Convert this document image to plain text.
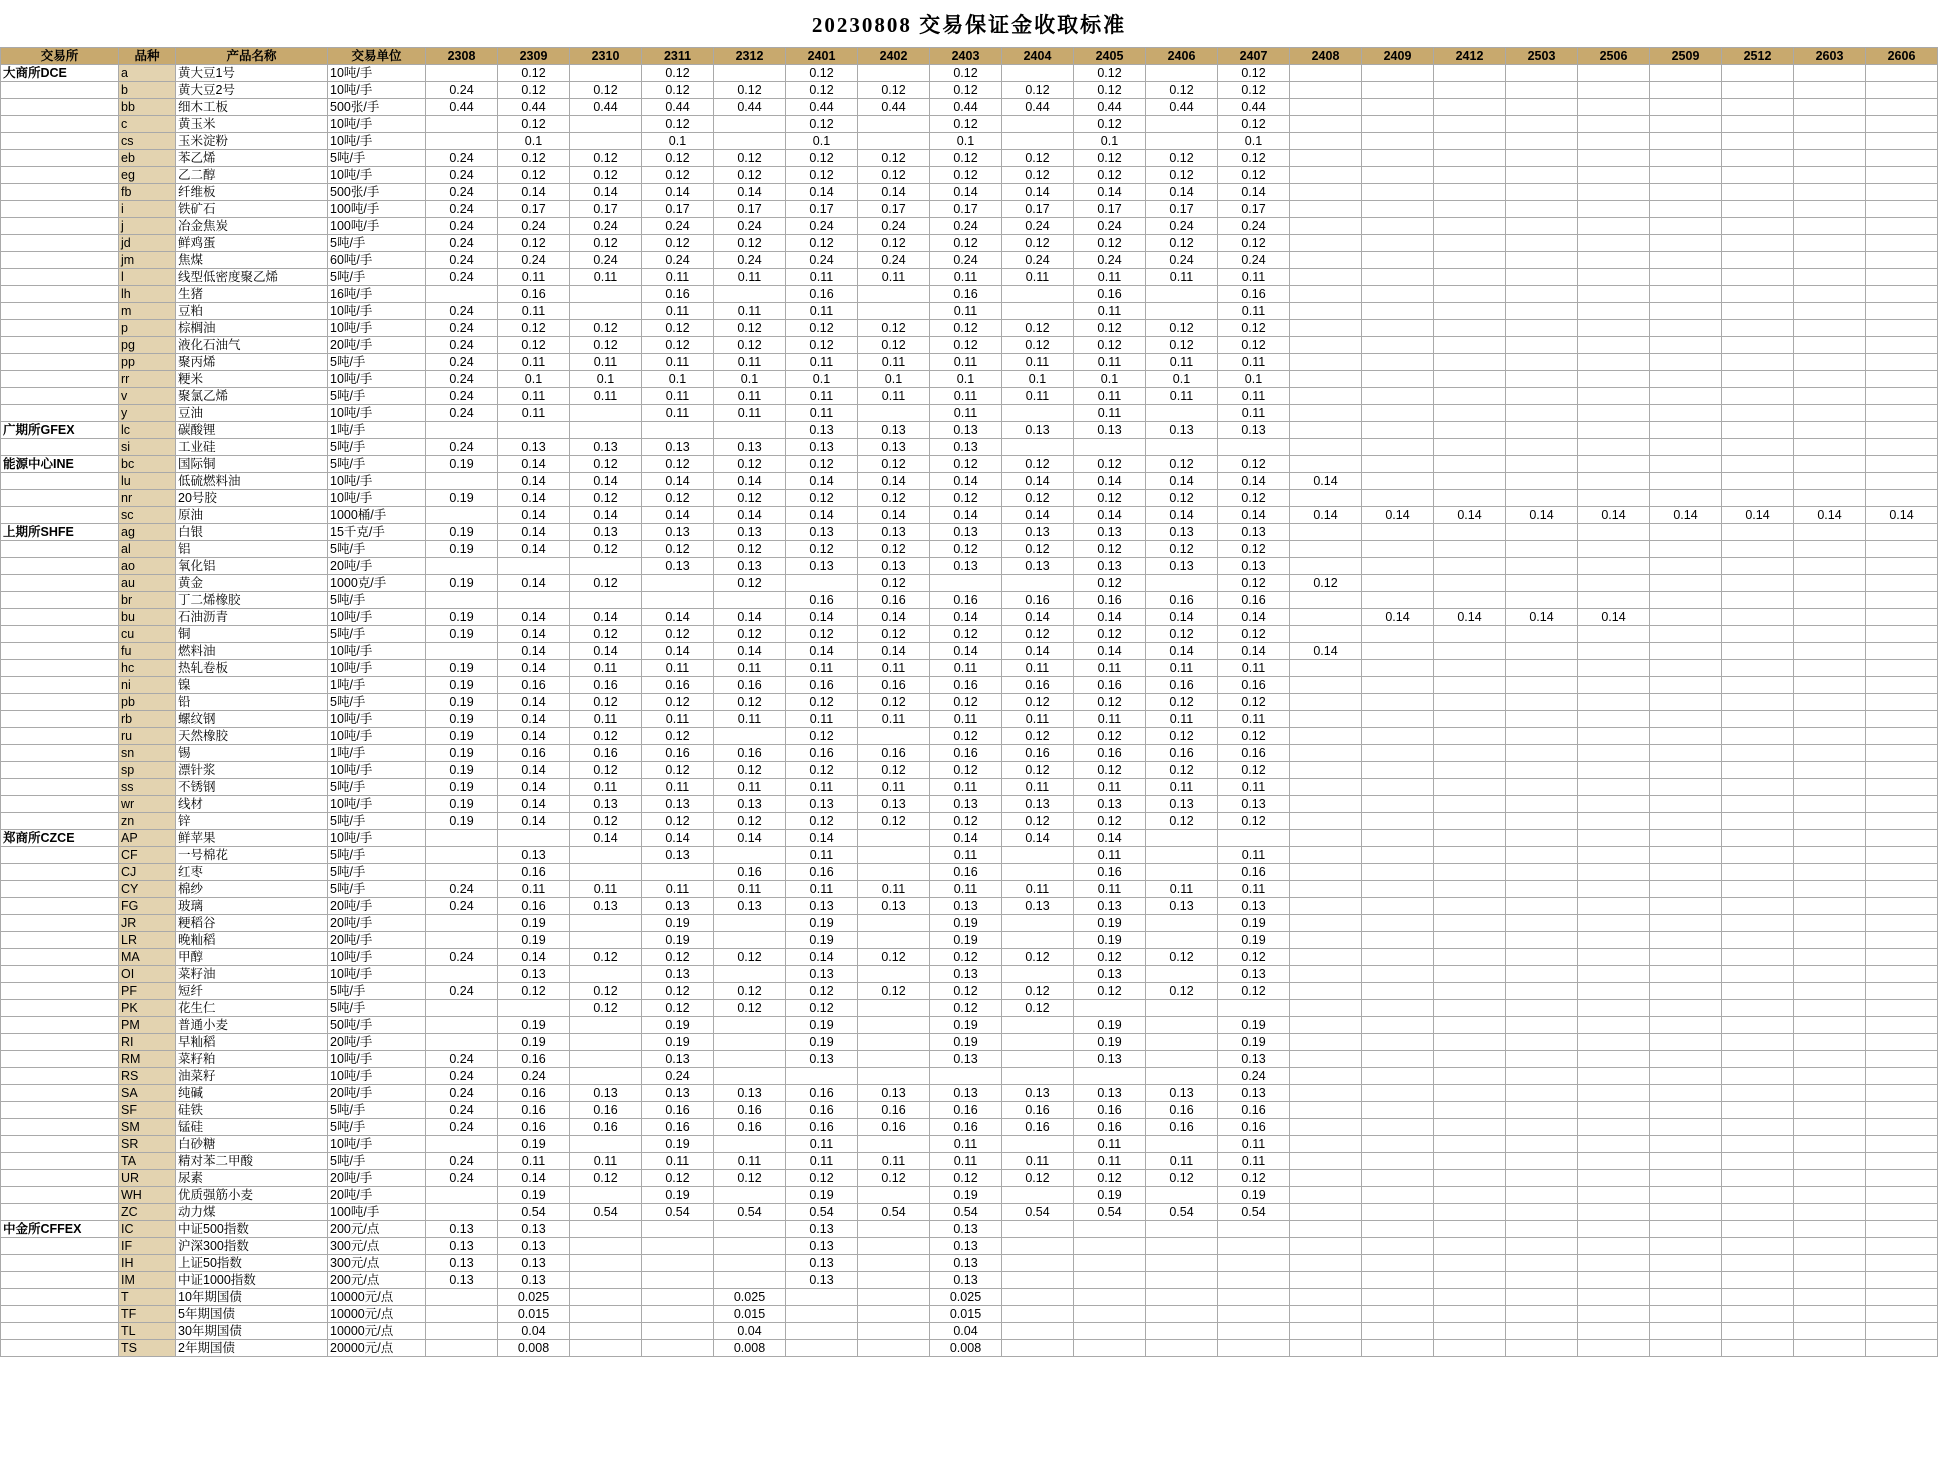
20230808 交易保证金收取标准
交易所	品种	产品名称	交易单位	2308	2309	2310	2311	2312	2401	2402	2403	2404	2405	2406	2407	2408	2409	2412	2503	2506	2509	2512	2603	2606
大商所DCE	a	黄大豆1号	10吨/手		0.12		0.12		0.12		0.12		0.12		0.12									
	b	黄大豆2号	10吨/手	0.24	0.12	0.12	0.12	0.12	0.12	0.12	0.12	0.12	0.12	0.12	0.12									
	bb	细木工板	500张/手	0.44	0.44	0.44	0.44	0.44	0.44	0.44	0.44	0.44	0.44	0.44	0.44									
	c	黄玉米	10吨/手		0.12		0.12		0.12		0.12		0.12		0.12									
	cs	玉米淀粉	10吨/手		0.1		0.1		0.1		0.1		0.1		0.1									
	eb	苯乙烯	5吨/手	0.24	0.12	0.12	0.12	0.12	0.12	0.12	0.12	0.12	0.12	0.12	0.12									
	eg	乙二醇	10吨/手	0.24	0.12	0.12	0.12	0.12	0.12	0.12	0.12	0.12	0.12	0.12	0.12									
	fb	纤维板	500张/手	0.24	0.14	0.14	0.14	0.14	0.14	0.14	0.14	0.14	0.14	0.14	0.14									
	i	铁矿石	100吨/手	0.24	0.17	0.17	0.17	0.17	0.17	0.17	0.17	0.17	0.17	0.17	0.17									
	j	冶金焦炭	100吨/手	0.24	0.24	0.24	0.24	0.24	0.24	0.24	0.24	0.24	0.24	0.24	0.24									
	jd	鲜鸡蛋	5吨/手	0.24	0.12	0.12	0.12	0.12	0.12	0.12	0.12	0.12	0.12	0.12	0.12									
	jm	焦煤	60吨/手	0.24	0.24	0.24	0.24	0.24	0.24	0.24	0.24	0.24	0.24	0.24	0.24									
	l	线型低密度聚乙烯	5吨/手	0.24	0.11	0.11	0.11	0.11	0.11	0.11	0.11	0.11	0.11	0.11	0.11									
	lh	生猪	16吨/手		0.16		0.16		0.16		0.16		0.16		0.16									
	m	豆粕	10吨/手	0.24	0.11		0.11	0.11	0.11		0.11		0.11		0.11									
	p	棕榈油	10吨/手	0.24	0.12	0.12	0.12	0.12	0.12	0.12	0.12	0.12	0.12	0.12	0.12									
	pg	液化石油气	20吨/手	0.24	0.12	0.12	0.12	0.12	0.12	0.12	0.12	0.12	0.12	0.12	0.12									
	pp	聚丙烯	5吨/手	0.24	0.11	0.11	0.11	0.11	0.11	0.11	0.11	0.11	0.11	0.11	0.11									
	rr	粳米	10吨/手	0.24	0.1	0.1	0.1	0.1	0.1	0.1	0.1	0.1	0.1	0.1	0.1									
	v	聚氯乙烯	5吨/手	0.24	0.11	0.11	0.11	0.11	0.11	0.11	0.11	0.11	0.11	0.11	0.11									
	y	豆油	10吨/手	0.24	0.11		0.11	0.11	0.11		0.11		0.11		0.11									
广期所GFEX	lc	碳酸锂	1吨/手						0.13	0.13	0.13	0.13	0.13	0.13	0.13									
	si	工业硅	5吨/手	0.24	0.13	0.13	0.13	0.13	0.13	0.13	0.13													
能源中心INE	bc	国际铜	5吨/手	0.19	0.14	0.12	0.12	0.12	0.12	0.12	0.12	0.12	0.12	0.12	0.12									
	lu	低硫燃料油	10吨/手		0.14	0.14	0.14	0.14	0.14	0.14	0.14	0.14	0.14	0.14	0.14	0.14								
	nr	20号胶	10吨/手	0.19	0.14	0.12	0.12	0.12	0.12	0.12	0.12	0.12	0.12	0.12	0.12									
	sc	原油	1000桶/手		0.14	0.14	0.14	0.14	0.14	0.14	0.14	0.14	0.14	0.14	0.14	0.14	0.14	0.14	0.14	0.14	0.14	0.14	0.14	0.14
上期所SHFE	ag	白银	15千克/手	0.19	0.14	0.13	0.13	0.13	0.13	0.13	0.13	0.13	0.13	0.13	0.13									
	al	铝	5吨/手	0.19	0.14	0.12	0.12	0.12	0.12	0.12	0.12	0.12	0.12	0.12	0.12									
	ao	氧化铝	20吨/手				0.13	0.13	0.13	0.13	0.13	0.13	0.13	0.13	0.13									
	au	黄金	1000克/手	0.19	0.14	0.12		0.12		0.12			0.12		0.12	0.12								
	br	丁二烯橡胶	5吨/手						0.16	0.16	0.16	0.16	0.16	0.16	0.16									
	bu	石油沥青	10吨/手	0.19	0.14	0.14	0.14	0.14	0.14	0.14	0.14	0.14	0.14	0.14	0.14		0.14	0.14	0.14	0.14				
	cu	铜	5吨/手	0.19	0.14	0.12	0.12	0.12	0.12	0.12	0.12	0.12	0.12	0.12	0.12									
	fu	燃料油	10吨/手		0.14	0.14	0.14	0.14	0.14	0.14	0.14	0.14	0.14	0.14	0.14	0.14								
	hc	热轧卷板	10吨/手	0.19	0.14	0.11	0.11	0.11	0.11	0.11	0.11	0.11	0.11	0.11	0.11									
	ni	镍	1吨/手	0.19	0.16	0.16	0.16	0.16	0.16	0.16	0.16	0.16	0.16	0.16	0.16									
	pb	铅	5吨/手	0.19	0.14	0.12	0.12	0.12	0.12	0.12	0.12	0.12	0.12	0.12	0.12									
	rb	螺纹钢	10吨/手	0.19	0.14	0.11	0.11	0.11	0.11	0.11	0.11	0.11	0.11	0.11	0.11									
	ru	天然橡胶	10吨/手	0.19	0.14	0.12	0.12		0.12		0.12	0.12	0.12	0.12	0.12									
	sn	锡	1吨/手	0.19	0.16	0.16	0.16	0.16	0.16	0.16	0.16	0.16	0.16	0.16	0.16									
	sp	漂针浆	10吨/手	0.19	0.14	0.12	0.12	0.12	0.12	0.12	0.12	0.12	0.12	0.12	0.12									
	ss	不锈钢	5吨/手	0.19	0.14	0.11	0.11	0.11	0.11	0.11	0.11	0.11	0.11	0.11	0.11									
	wr	线材	10吨/手	0.19	0.14	0.13	0.13	0.13	0.13	0.13	0.13	0.13	0.13	0.13	0.13									
	zn	锌	5吨/手	0.19	0.14	0.12	0.12	0.12	0.12	0.12	0.12	0.12	0.12	0.12	0.12									
郑商所CZCE	AP	鲜苹果	10吨/手			0.14	0.14	0.14	0.14		0.14	0.14	0.14											
	CF	一号棉花	5吨/手		0.13		0.13		0.11		0.11		0.11		0.11									
	CJ	红枣	5吨/手		0.16			0.16	0.16		0.16		0.16		0.16									
	CY	棉纱	5吨/手	0.24	0.11	0.11	0.11	0.11	0.11	0.11	0.11	0.11	0.11	0.11	0.11									
	FG	玻璃	20吨/手	0.24	0.16	0.13	0.13	0.13	0.13	0.13	0.13	0.13	0.13	0.13	0.13									
	JR	粳稻谷	20吨/手		0.19		0.19		0.19		0.19		0.19		0.19									
	LR	晚籼稻	20吨/手		0.19		0.19		0.19		0.19		0.19		0.19									
	MA	甲醇	10吨/手	0.24	0.14	0.12	0.12	0.12	0.14	0.12	0.12	0.12	0.12	0.12	0.12									
	OI	菜籽油	10吨/手		0.13		0.13		0.13		0.13		0.13		0.13									
	PF	短纤	5吨/手	0.24	0.12	0.12	0.12	0.12	0.12	0.12	0.12	0.12	0.12	0.12	0.12									
	PK	花生仁	5吨/手			0.12	0.12	0.12	0.12		0.12	0.12												
	PM	普通小麦	50吨/手		0.19		0.19		0.19		0.19		0.19		0.19									
	RI	早籼稻	20吨/手		0.19		0.19		0.19		0.19		0.19		0.19									
	RM	菜籽粕	10吨/手	0.24	0.16		0.13		0.13		0.13		0.13		0.13									
	RS	油菜籽	10吨/手	0.24	0.24		0.24								0.24									
	SA	纯碱	20吨/手	0.24	0.16	0.13	0.13	0.13	0.16	0.13	0.13	0.13	0.13	0.13	0.13									
	SF	硅铁	5吨/手	0.24	0.16	0.16	0.16	0.16	0.16	0.16	0.16	0.16	0.16	0.16	0.16									
	SM	锰硅	5吨/手	0.24	0.16	0.16	0.16	0.16	0.16	0.16	0.16	0.16	0.16	0.16	0.16									
	SR	白砂糖	10吨/手		0.19		0.19		0.11		0.11		0.11		0.11									
	TA	精对苯二甲酸	5吨/手	0.24	0.11	0.11	0.11	0.11	0.11	0.11	0.11	0.11	0.11	0.11	0.11									
	UR	尿素	20吨/手	0.24	0.14	0.12	0.12	0.12	0.12	0.12	0.12	0.12	0.12	0.12	0.12									
	WH	优质强筋小麦	20吨/手		0.19		0.19		0.19		0.19		0.19		0.19									
	ZC	动力煤	100吨/手		0.54	0.54	0.54	0.54	0.54	0.54	0.54	0.54	0.54	0.54	0.54									
中金所CFFEX	IC	中证500指数	200元/点	0.13	0.13				0.13		0.13													
	IF	沪深300指数	300元/点	0.13	0.13				0.13		0.13													
	IH	上证50指数	300元/点	0.13	0.13				0.13		0.13													
	IM	中证1000指数	200元/点	0.13	0.13				0.13		0.13													
	T	10年期国债	10000元/点		0.025			0.025			0.025													
	TF	5年期国债	10000元/点		0.015			0.015			0.015													
	TL	30年期国债	10000元/点		0.04			0.04			0.04													
	TS	2年期国债	20000元/点		0.008			0.008			0.008													
